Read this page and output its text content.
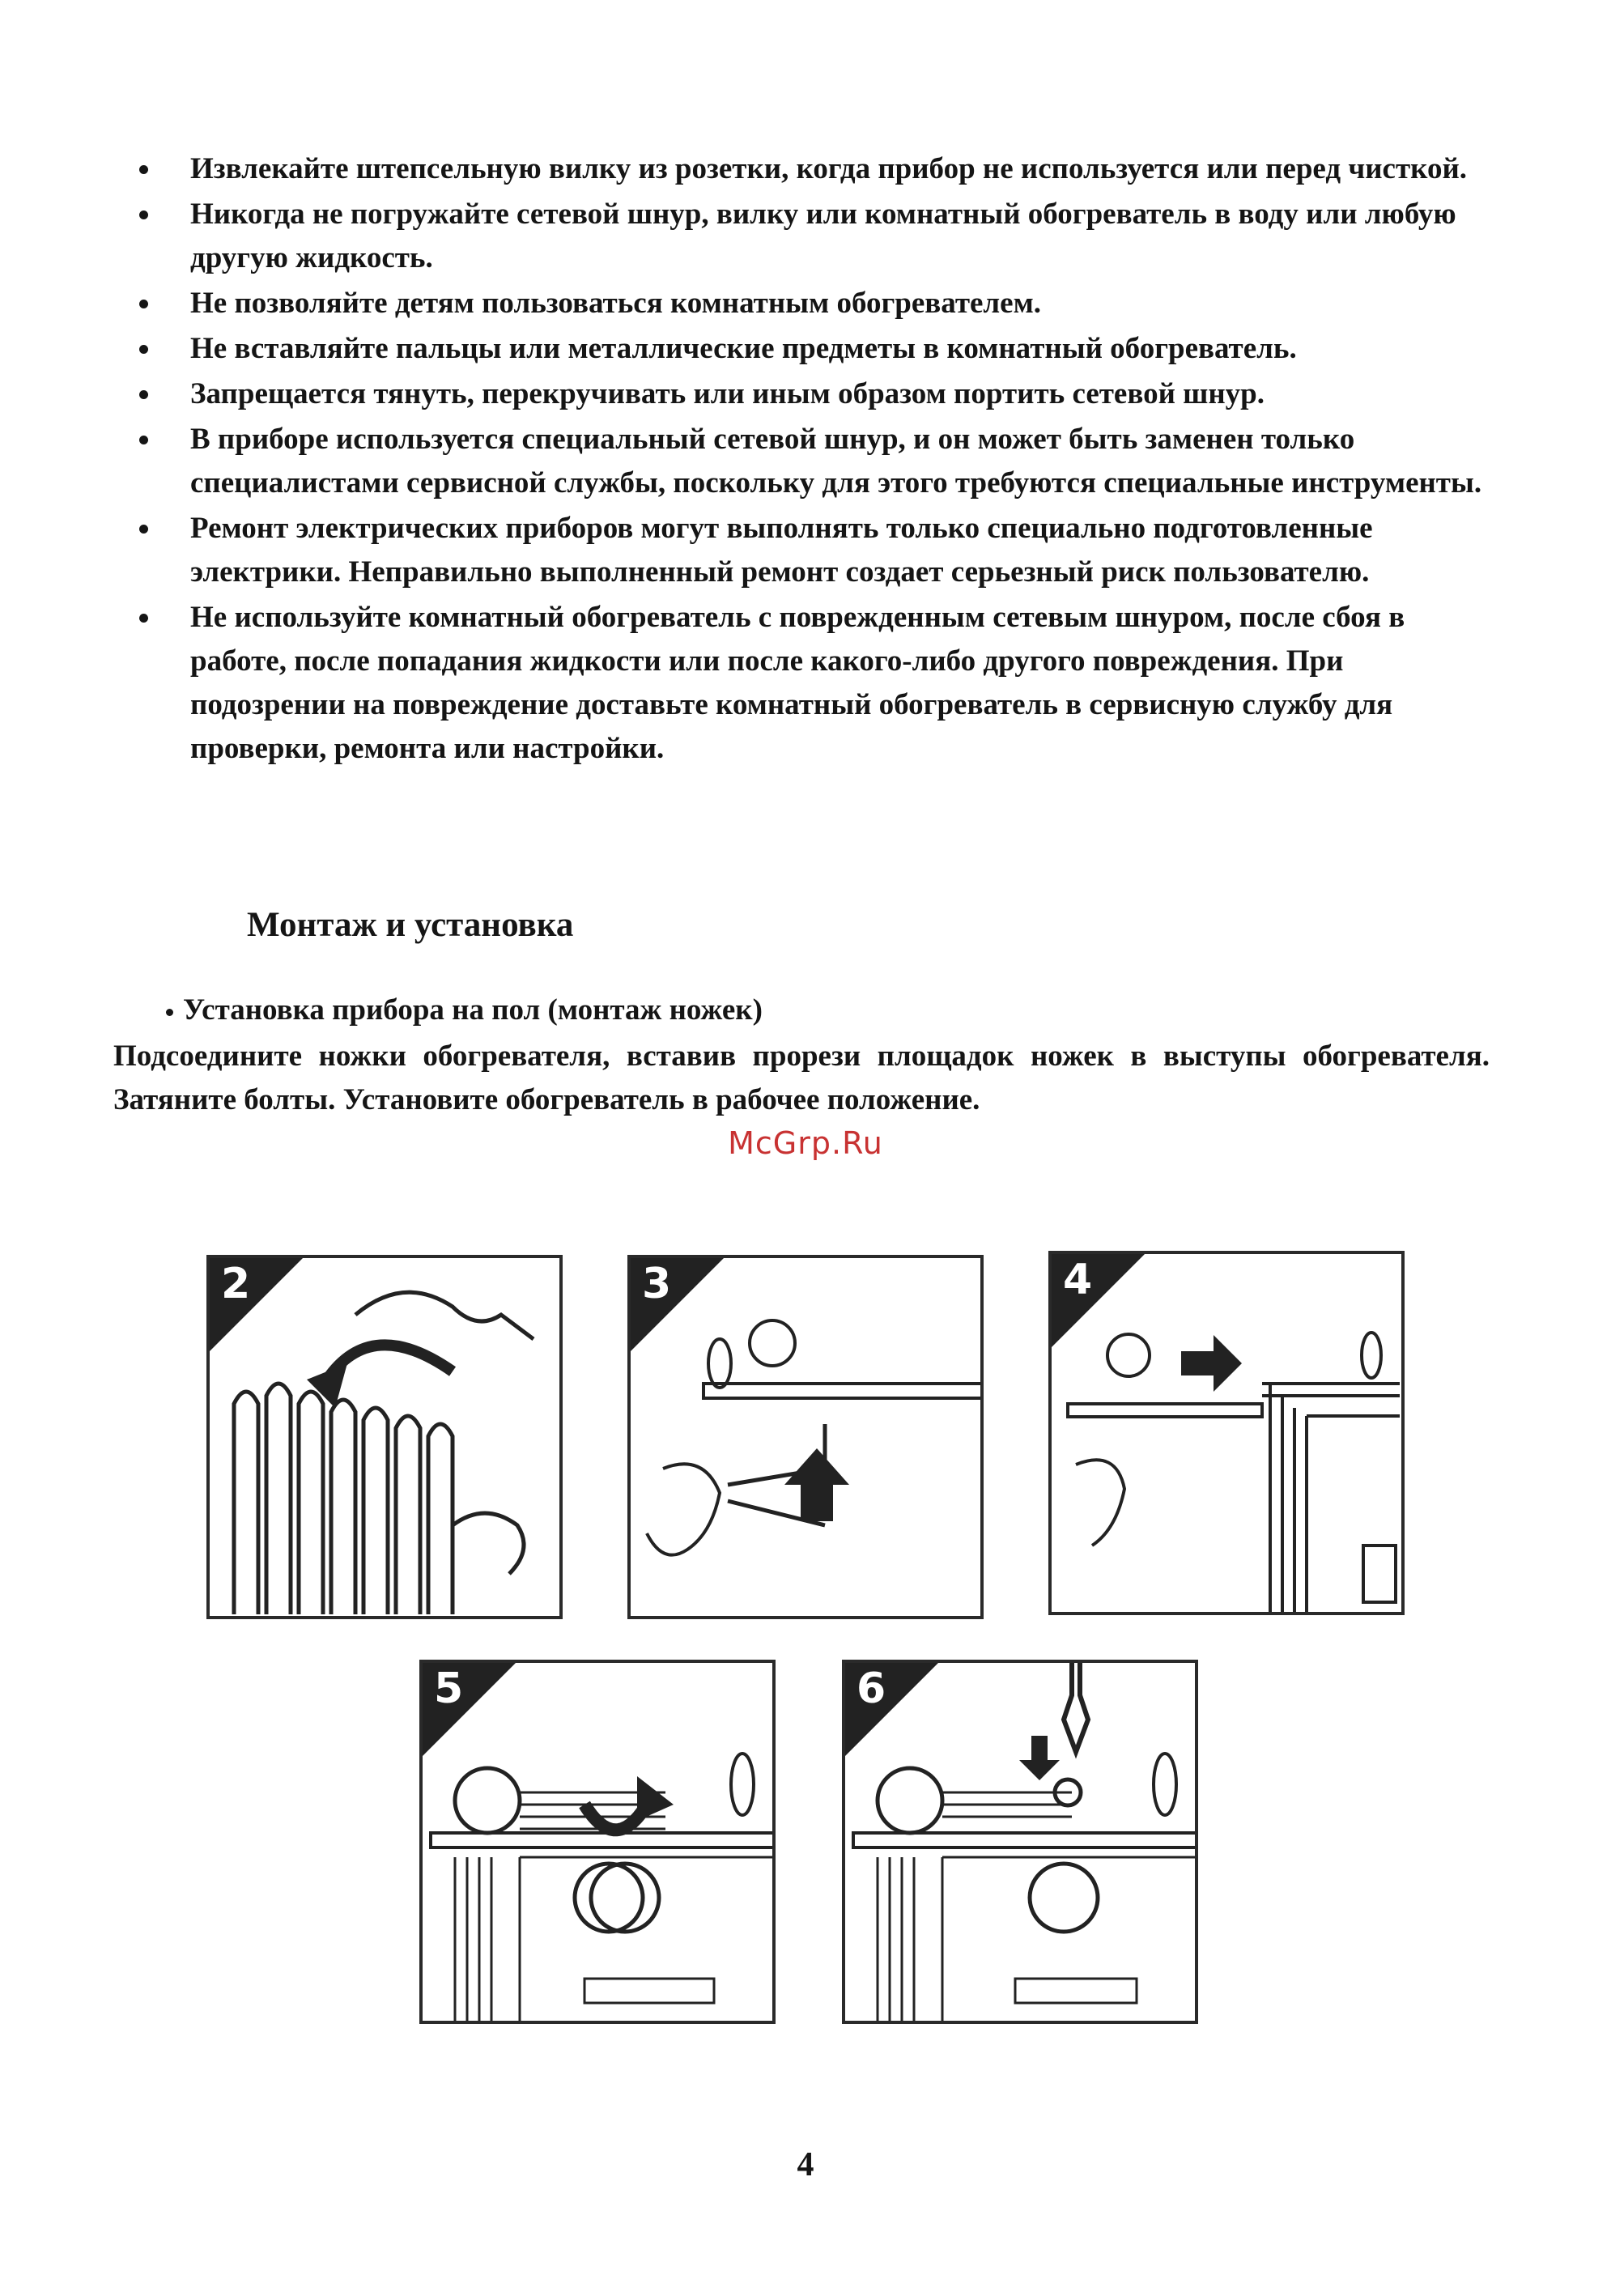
Извлекайте штепсельную вилку из розетки, когда прибор не используется или перед чисткой.
Никогда не погружайте сетевой шнур, вилку или комнатный обогреватель в воду или любую другую жидкость.
Не позволяйте детям пользоваться комнатным обогревателем.
Не вставляйте пальцы или металлические предметы в комнатный обогреватель.
Запрещается тянуть, перекручивать или иным образом портить сетевой шнур.
В приборе используется специальный сетевой шнур, и он может быть заменен только специалистами сервисной службы, поскольку для этого требуются специальные инструменты.
Ремонт электрических приборов могут выполнять только специально подготовленные электрики. Неправильно выполненный ремонт создает серьезный риск пользователю.
Не используйте комнатный обогреватель с поврежденным сетевым шнуром, после сбоя в работе, после попадания жидкости или после какого-либо другого повреждения. При подозрении на повреждение доставьте комнатный обогреватель в сервисную службу для проверки, ремонта или настройки.
Монтаж и установка
Установка прибора на пол (монтаж ножек)

Подсоедините ножки обогревателя, вставив прорези площадок ножек в выступы обогревателя. Затяните болты. Установите обогреватель в рабочее положение.

McGrp.Ru
2	3	4
5	6
4
